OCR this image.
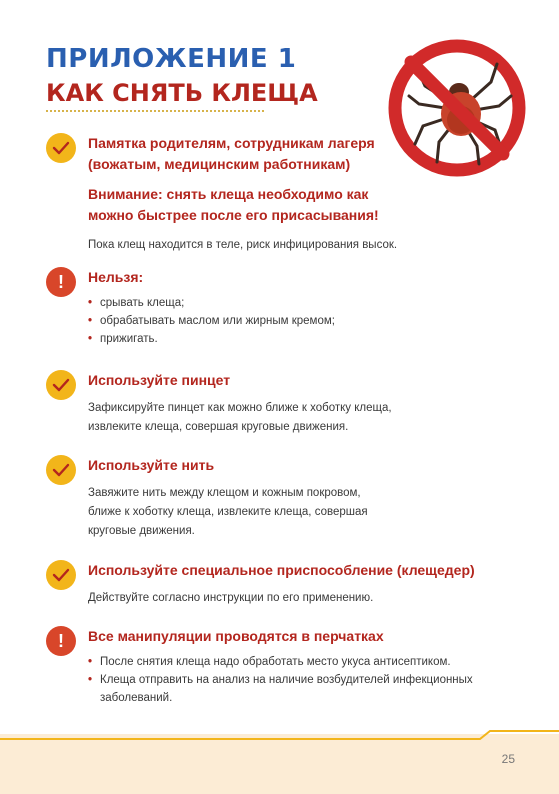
ПРИЛОЖЕНИЕ 1
КАК СНЯТЬ КЛЕЩА

Памятка родителям, сотрудникам лагеря (вожатым, медицинским работникам)

Внимание: снять клеща необходимо как можно быстрее после его присасывания!

Пока клещ находится в теле, риск инфицирования высок.

!	Нельзя:

• срывать клеща;
• обрабатывать маслом или жирным кремом;
• прижигать.

Используйте пинцет

Зафиксируйте пинцет как можно ближе к хоботку клеща, извлеките клеща, совершая круговые движения.

Используйте нить

Завяжите нить между клещом и кожным покровом, ближе к хоботку клеща, извлеките клеща, совершая круговые движения.

Используйте специальное приспособление (клещедер)

Действуйте согласно инструкции по его применению.

!	Все манипуляции проводятся в перчатках

• После снятия клеща надо обработать место укуса антисептиком.
• Клеща отправить на анализ на наличие возбудителей инфекционных заболеваний.
25
